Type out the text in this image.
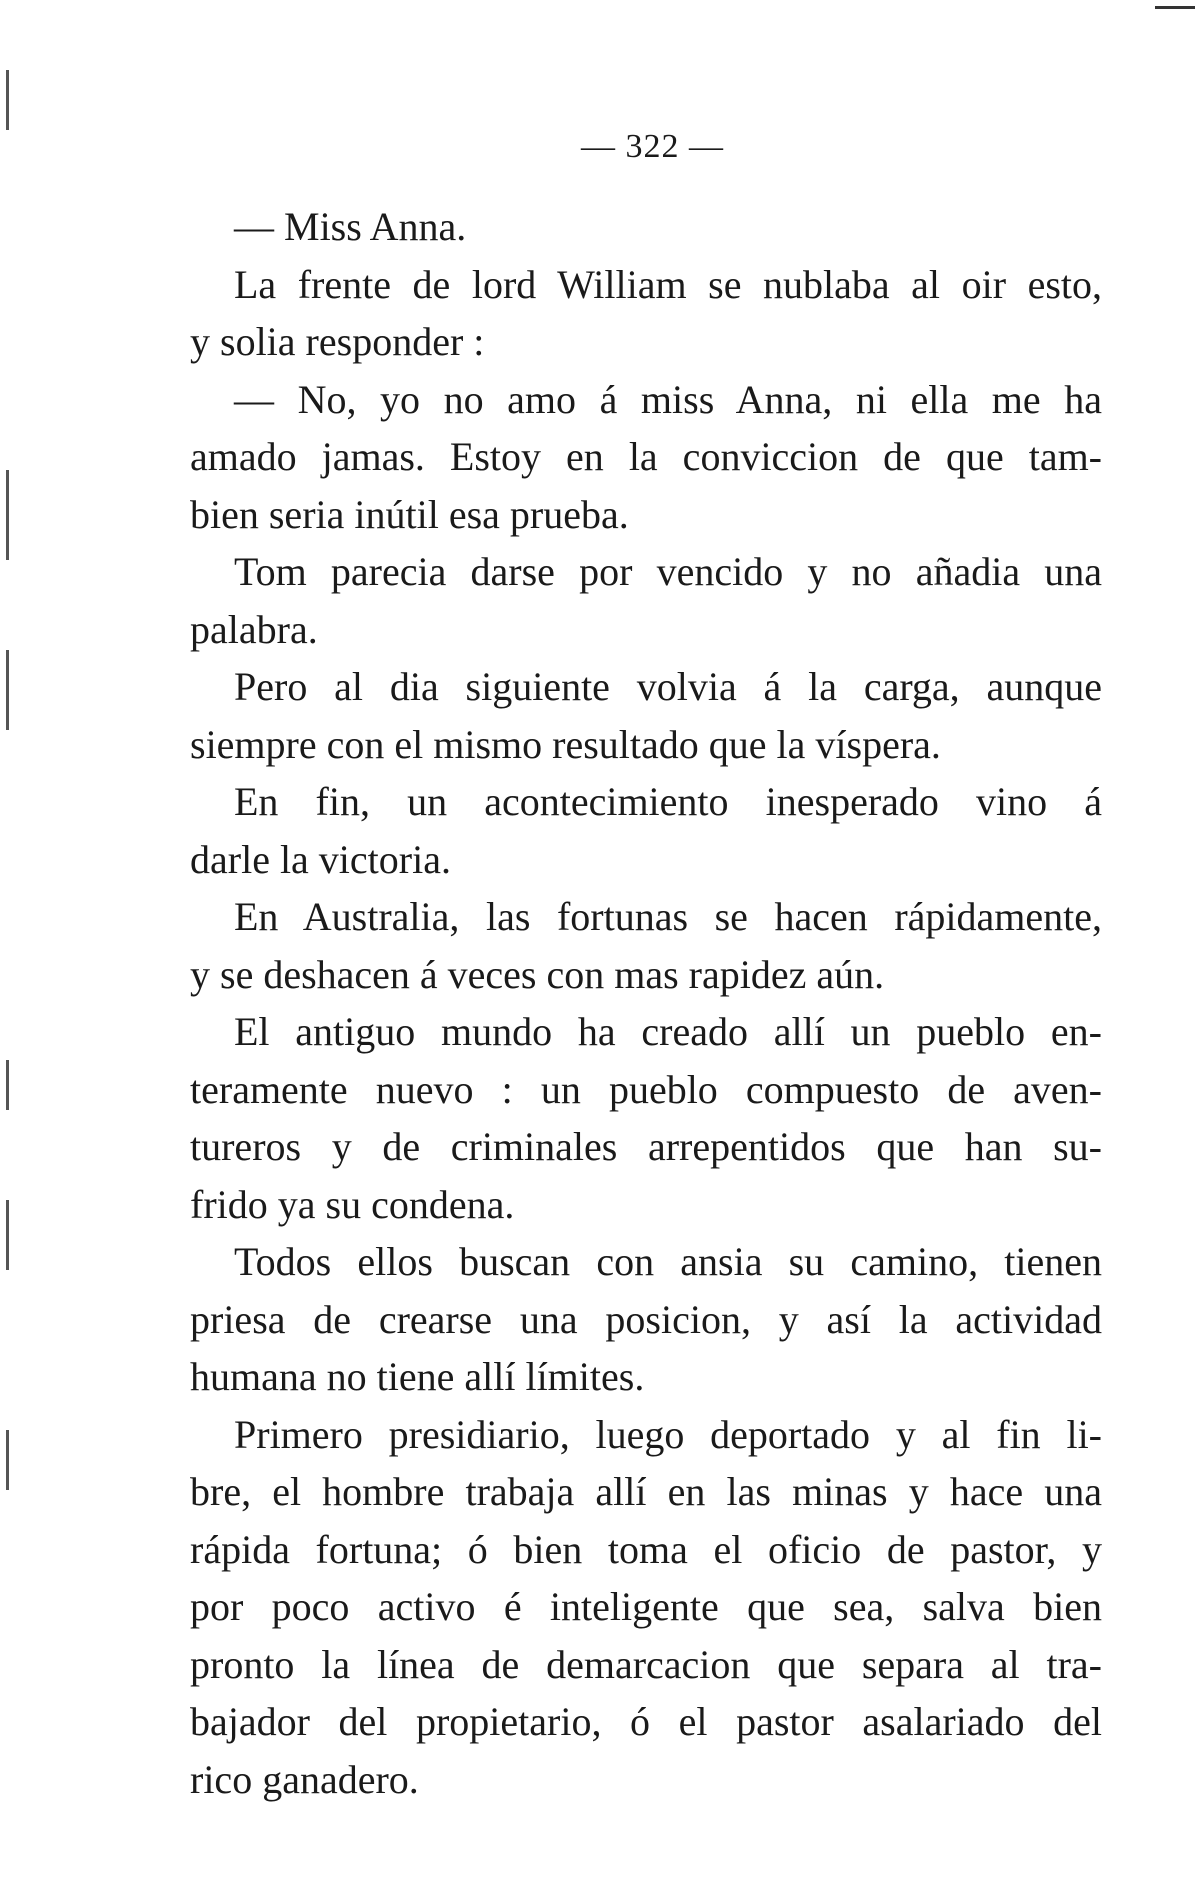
— 322 —
— Miss Anna.
La frente de lord William se nublaba al oir esto,
y solia responder :
— No, yo no amo á miss Anna, ni ella me ha
amado jamas. Estoy en la conviccion de que tam-
bien seria inútil esa prueba.
Tom parecia darse por vencido y no añadia una
palabra.
Pero al dia siguiente volvia á la carga, aunque
siempre con el mismo resultado que la víspera.
En fin, un acontecimiento inesperado vino á
darle la victoria.
En Australia, las fortunas se hacen rápidamente,
y se deshacen á veces con mas rapidez aún.
El antiguo mundo ha creado allí un pueblo en-
teramente nuevo : un pueblo compuesto de aven-
tureros y de criminales arrepentidos que han su-
frido ya su condena.
Todos ellos buscan con ansia su camino, tienen
priesa de crearse una posicion, y así la actividad
humana no tiene allí límites.
Primero presidiario, luego deportado y al fin li-
bre, el hombre trabaja allí en las minas y hace una
rápida fortuna; ó bien toma el oficio de pastor, y
por poco activo é inteligente que sea, salva bien
pronto la línea de demarcacion que separa al tra-
bajador del propietario, ó el pastor asalariado del
rico ganadero.
